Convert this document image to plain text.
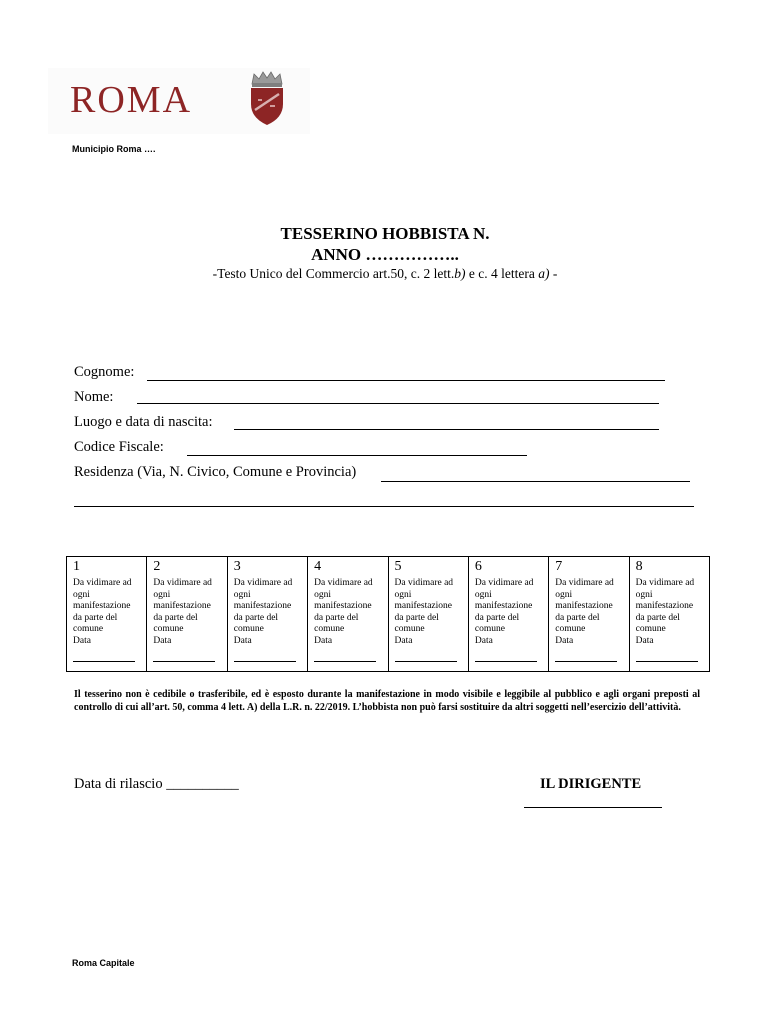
ROMA
Municipio Roma ….
TESSERINO HOBBISTA N.
ANNO ……………..
-Testo Unico del Commercio art.50, c. 2 lett.b) e c. 4 lettera a) -
Cognome:
Nome:
Luogo e data di nascita:
Codice Fiscale:
Residenza (Via, N. Civico, Comune e Provincia)
1
Da vidimare ad
ogni
manifestazione
da parte del
comune
Data

2
Da vidimare ad
ogni
manifestazione
da parte del
comune
Data

3
Da vidimare ad
ogni
manifestazione
da parte del
comune
Data

4
Da vidimare ad
ogni
manifestazione
da parte del
comune
Data

5
Da vidimare ad
ogni
manifestazione
da parte del
comune
Data

6
Da vidimare ad
ogni
manifestazione
da parte del
comune
Data

7
Da vidimare ad
ogni
manifestazione
da parte del
comune
Data

8
Da vidimare ad
ogni
manifestazione
da parte del
comune
Data
Il tesserino non è cedibile o trasferibile, ed è esposto durante la manifestazione in modo visibile e leggibile al pubblico e agli organi preposti al controllo di cui all’art. 50, comma 4 lett. A) della L.R. n. 22/2019. L’hobbista non può farsi sostituire da altri soggetti nell’esercizio dell’attività.
Data di rilascio __________	IL DIRIGENTE
Roma Capitale
